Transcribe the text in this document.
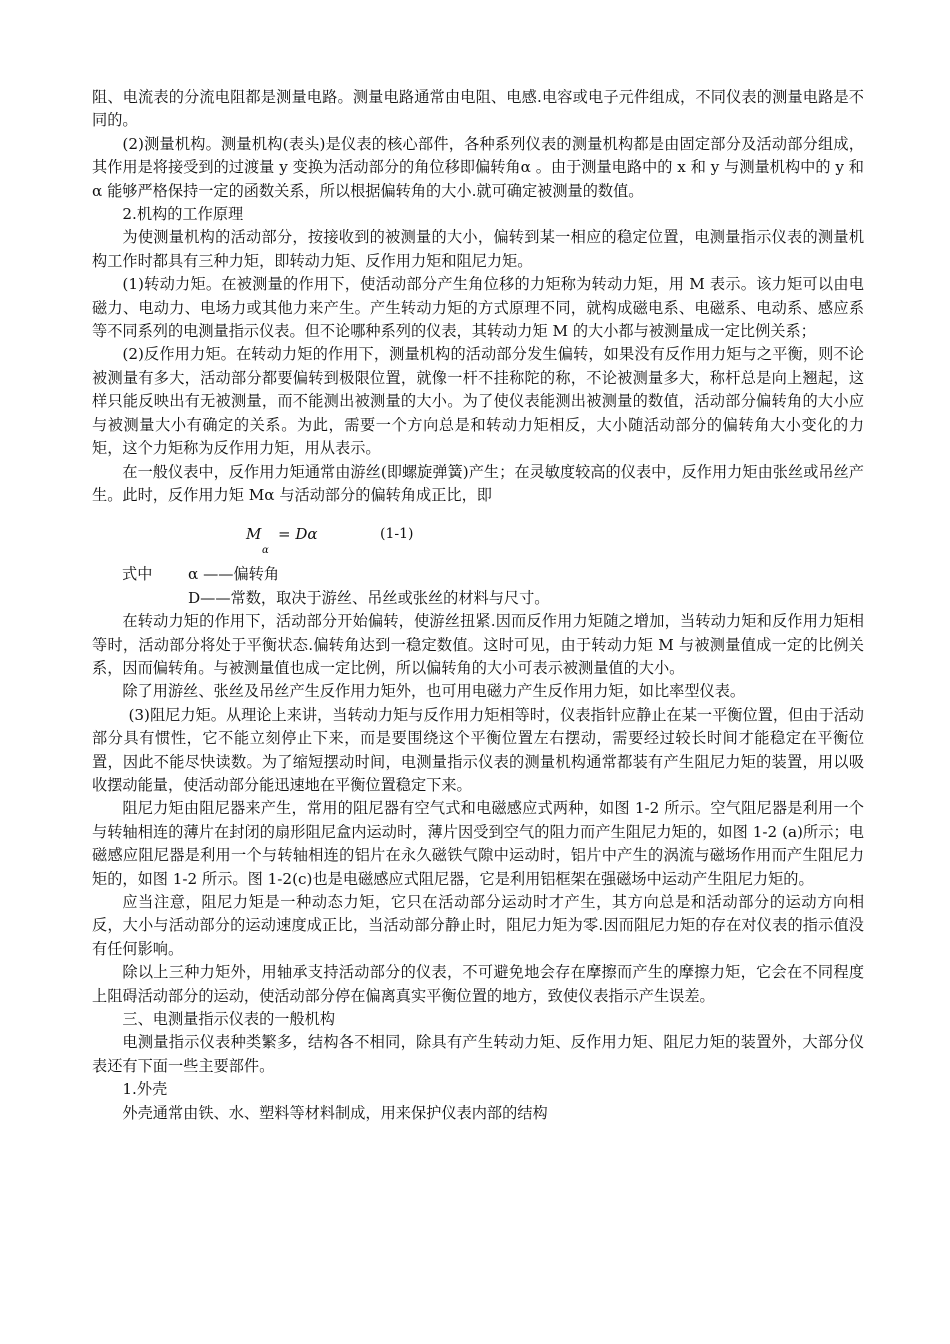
阻、电流表的分流电阻都是测量电路。测量电路通常由电阻、电感.电容或电子元件组成，不同仪表的测量电路是不同的。

(2)测量机构。测量机构(表头)是仪表的核心部件，各种系列仪表的测量机构都是由固定部分及活动部分组成，其作用是将接受到的过渡量 y 变换为活动部分的角位移即偏转角α 。由于测量电路中的 x 和 y 与测量机构中的 y 和α 能够严格保持一定的函数关系，所以根据偏转角的大小.就可确定被测量的数值。

2.机构的工作原理

为使测量机构的活动部分，按接收到的被测量的大小，偏转到某一相应的稳定位置，电测量指示仪表的测量机构工作时都具有三种力矩，即转动力矩、反作用力矩和阻尼力矩。

(1)转动力矩。在被测量的作用下，使活动部分产生角位移的力矩称为转动力矩，用 M 表示。该力矩可以由电磁力、电动力、电场力或其他力来产生。产生转动力矩的方式原理不同，就构成磁电系、电磁系、电动系、感应系等不同系列的电测量指示仪表。但不论哪种系列的仪表，其转动力矩 M 的大小都与被测量成一定比例关系；

(2)反作用力矩。在转动力矩的作用下，测量机构的活动部分发生偏转，如果没有反作用力矩与之平衡，则不论被测量有多大，活动部分都要偏转到极限位置，就像一杆不挂称陀的称，不论被测量多大，称杆总是向上翘起，这样只能反映出有无被测量，而不能测出被测量的大小。为了使仪表能测出被测量的数值，活动部分偏转角的大小应与被测量大小有确定的关系。为此，需要一个方向总是和转动力矩相反，大小随活动部分的偏转角大小变化的力矩，这个力矩称为反作用力矩，用从表示。

在一般仪表中，反作用力矩通常由游丝(即螺旋弹簧)产生；在灵敏度较高的仪表中，反作用力矩由张丝或吊丝产生。此时，反作用力矩 Mα 与活动部分的偏转角成正比，即

M
α
= Dα	(1-1)
式中 α ——偏转角
D——常数，取决于游丝、吊丝或张丝的材料与尺寸。

在转动力矩的作用下，活动部分开始偏转，使游丝扭紧.因而反作用力矩随之增加，当转动力矩和反作用力矩相等时，活动部分将处于平衡状态.偏转角达到一稳定数值。这时可见，由于转动力矩 M 与被测量值成一定的比例关系，因而偏转角。与被测量值也成一定比例，所以偏转角的大小可表示被测量值的大小。

除了用游丝、张丝及吊丝产生反作用力矩外，也可用电磁力产生反作用力矩，如比率型仪表。

(3)阻尼力矩。从理论上来讲，当转动力矩与反作用力矩相等时，仪表指针应静止在某一平衡位置，但由于活动部分具有惯性，它不能立刻停止下来，而是要围绕这个平衡位置左右摆动，需要经过较长时间才能稳定在平衡位置，因此不能尽快读数。为了缩短摆动时间，电测量指示仪表的测量机构通常都装有产生阻尼力矩的装置，用以吸收摆动能量，使活动部分能迅速地在平衡位置稳定下来。

阻尼力矩由阻尼器来产生，常用的阻尼器有空气式和电磁感应式两种，如图 1-2 所示。空气阻尼器是利用一个与转轴相连的薄片在封闭的扇形阻尼盒内运动时，薄片因受到空气的阻力而产生阻尼力矩的，如图 1-2 (a)所示；电磁感应阻尼器是利用一个与转轴相连的铝片在永久磁铁气隙中运动时，铝片中产生的涡流与磁场作用而产生阻尼力矩的，如图 1-2 所示。图 1-2(c)也是电磁感应式阻尼器，它是利用铝框架在强磁场中运动产生阻尼力矩的。

应当注意，阻尼力矩是一种动态力矩，它只在活动部分运动时才产生，其方向总是和活动部分的运动方向相反，大小与活动部分的运动速度成正比，当活动部分静止时，阻尼力矩为零.因而阻尼力矩的存在对仪表的指示值没有任何影响。

除以上三种力矩外，用轴承支持活动部分的仪表，不可避免地会存在摩擦而产生的摩擦力矩，它会在不同程度上阻碍活动部分的运动，使活动部分停在偏离真实平衡位置的地方，致使仪表指示产生误差。

三、电测量指示仪表的一般机构

电测量指示仪表种类繁多，结构各不相同，除具有产生转动力矩、反作用力矩、阻尼力矩的装置外，大部分仪表还有下面一些主要部件。

1.外壳

外壳通常由铁、水、塑料等材料制成，用来保护仪表内部的结构
